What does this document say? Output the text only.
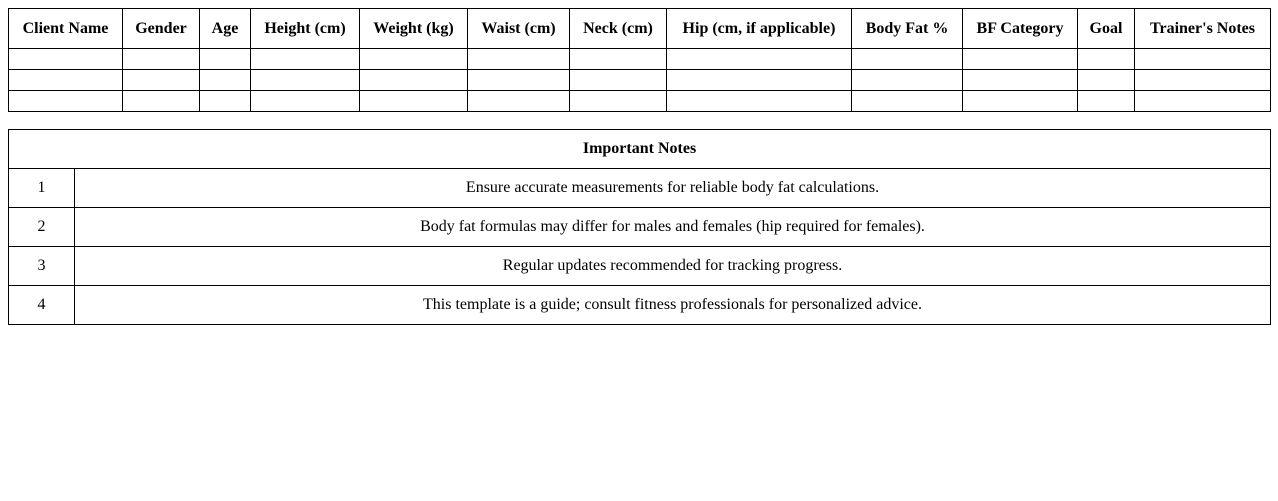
Client Name	Gender	Age	Height (cm)	Weight (kg)	Waist (cm)	Neck (cm)	Hip (cm, if applicable)	Body Fat %	BF Category	Goal	Trainer's Notes

Important Notes	
1	Ensure accurate measurements for reliable body fat calculations.
2	Body fat formulas may differ for males and females (hip required for females).
3	Regular updates recommended for tracking progress.
4	This template is a guide; consult fitness professionals for personalized advice.
